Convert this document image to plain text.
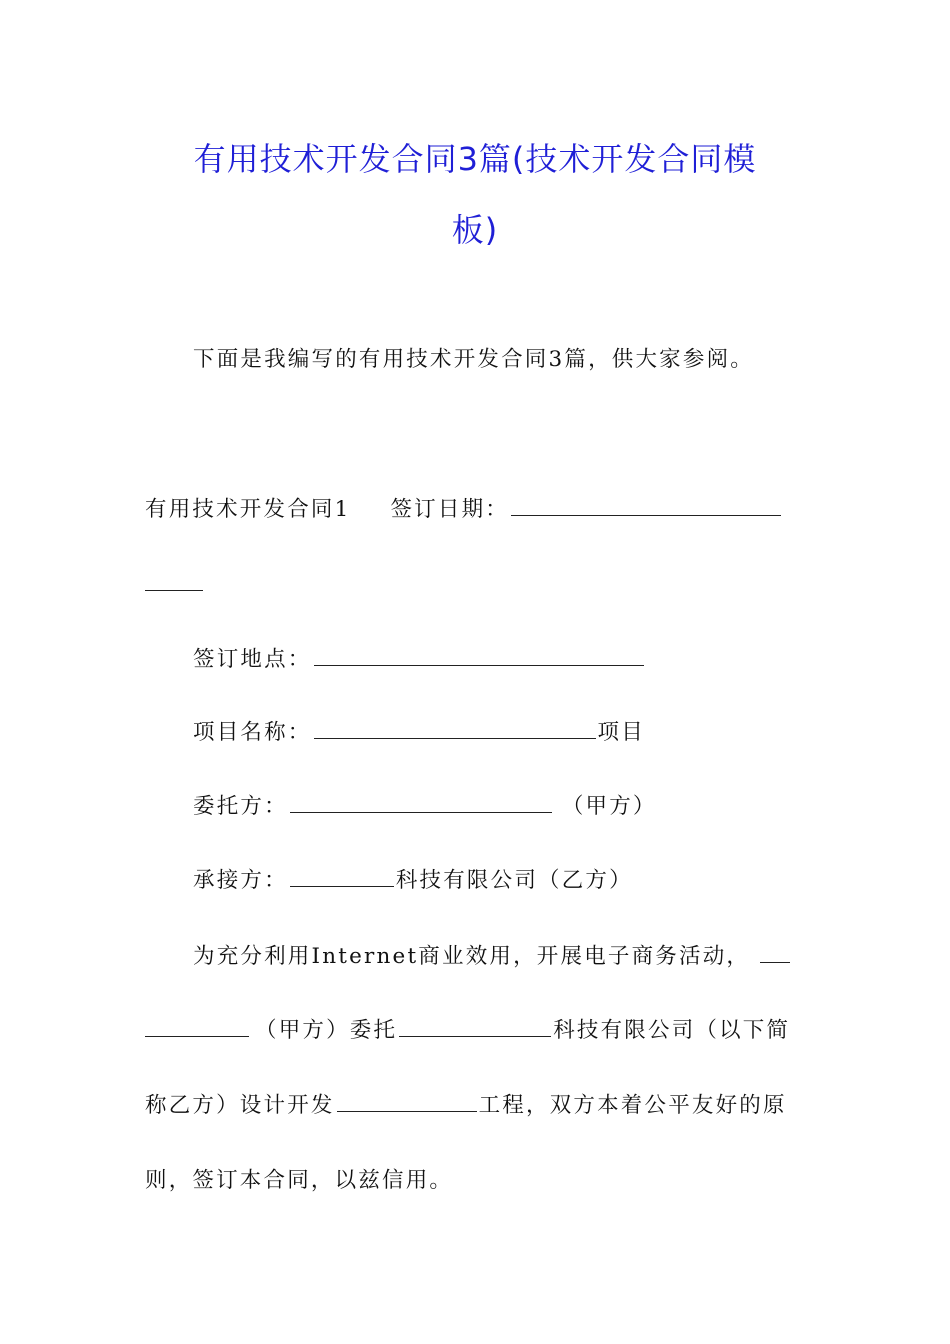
有用技术开发合同3篇(技术开发合同模
板)
下面是我编写的有用技术开发合同3篇，供大家参阅。
有用技术开发合同1 签订日期：
签订地点：
项目名称：	项目
委托方：	（甲方）
承接方：	科技有限公司（乙方）
为充分利用Internet商业效用，开展电子商务活动，
（甲方）委托	科技有限公司（以下简
称乙方）设计开发	工程，双方本着公平友好的原
则，签订本合同，以兹信用。
